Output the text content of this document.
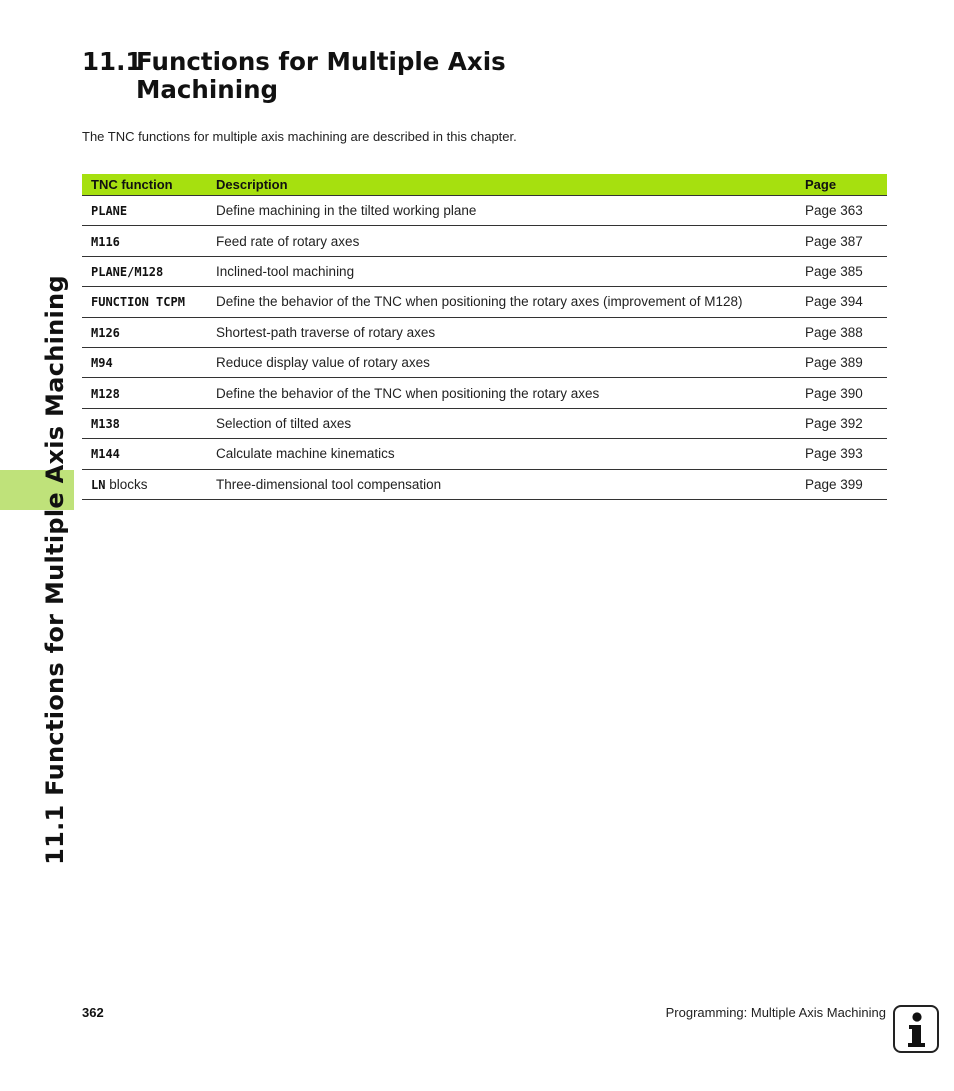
11.1 Functions for Multiple Axis Machining
11.1Functions for Multiple Axis
Machining

The TNC functions for multiple axis machining are described in this chapter.

TNC function	Description	Page
PLANE	Define machining in the tilted working plane	Page 363
M116	Feed rate of rotary axes	Page 387
PLANE/M128	Inclined-tool machining	Page 385
FUNCTION TCPM	Define the behavior of the TNC when positioning the rotary axes (improvement of M128)	Page 394
M126	Shortest-path traverse of rotary axes	Page 388
M94	Reduce display value of rotary axes	Page 389
M128	Define the behavior of the TNC when positioning the rotary axes	Page 390
M138	Selection of tilted axes	Page 392
M144	Calculate machine kinematics	Page 393
LN blocks	Three-dimensional tool compensation	Page 399
362	Programming: Multiple Axis Machining
